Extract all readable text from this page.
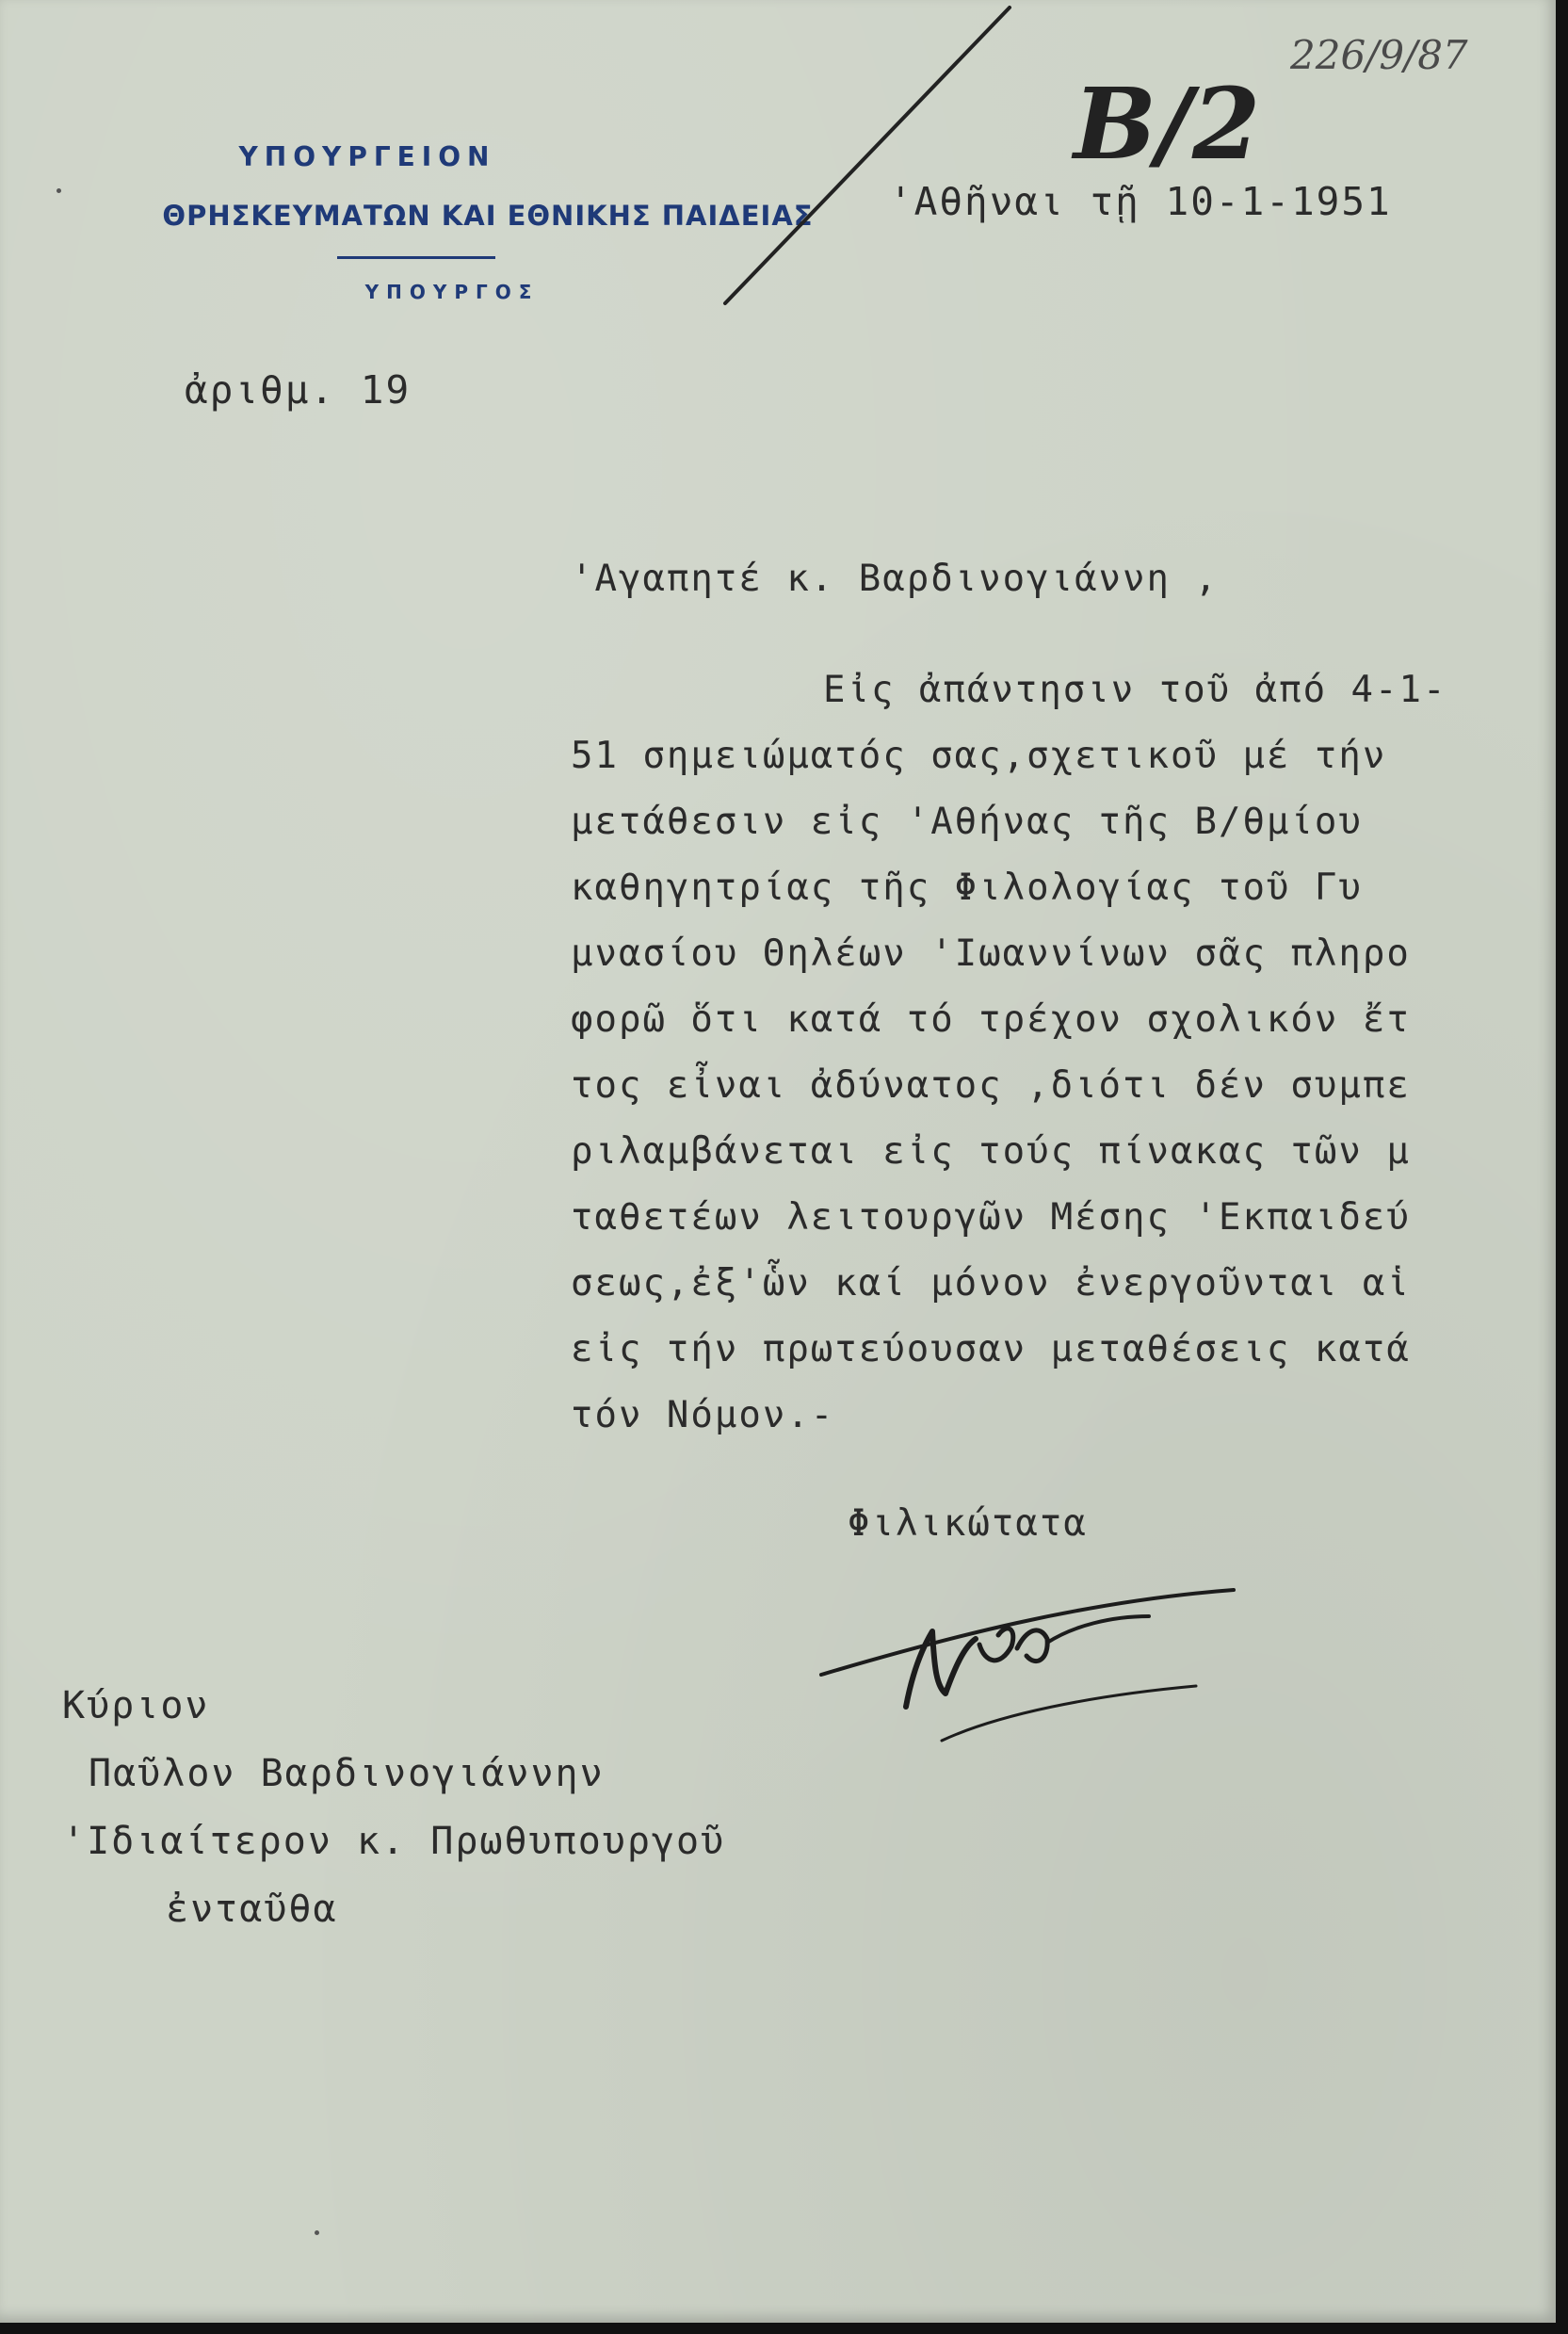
ΥΠΟΥΡΓΕΙΟΝ
ΘΡΗΣΚΕΥΜΑΤΩΝ ΚΑΙ ΕΘΝΙΚΗΣ ΠΑΙΔΕΙΑΣ
ΥΠΟΥΡΓΟΣ
226/9/87
B/2
'Αθῆναι τῇ 10-1-1951
ἀριθμ. 19
'Αγαπητέ κ. Βαρδινογιάννη ,
Εἰς ἀπάντησιν τοῦ ἀπό 4-1-
51 σημειώματός σας,σχετικοῦ μέ τήν
μετάθεσιν εἰς 'Αθήνας τῆς Β/θμίου
καθηγητρίας τῆς Φιλολογίας τοῦ Γυ
μνασίου Θηλέων 'Ιωαννίνων σᾶς πληρο
φορῶ ὅτι κατά τό τρέχον σχολικόν ἔτ
τος εἶναι ἀδύνατος ,διότι δέν συμπε
ριλαμβάνεται εἰς τούς πίνακας τῶν μ
ταθετέων λειτουργῶν Μέσης 'Εκπαιδεύ
σεως,ἐξ'ὧν καί μόνον ἐνεργοῦνται αἱ
εἰς τήν πρωτεύουσαν μεταθέσεις κατά
τόν Νόμον.-
Φιλικώτατα
Κύριον
Παῦλον Βαρδινογιάννην
'Ιδιαίτερον κ. Πρωθυπουργοῦ
ἐνταῦθα
